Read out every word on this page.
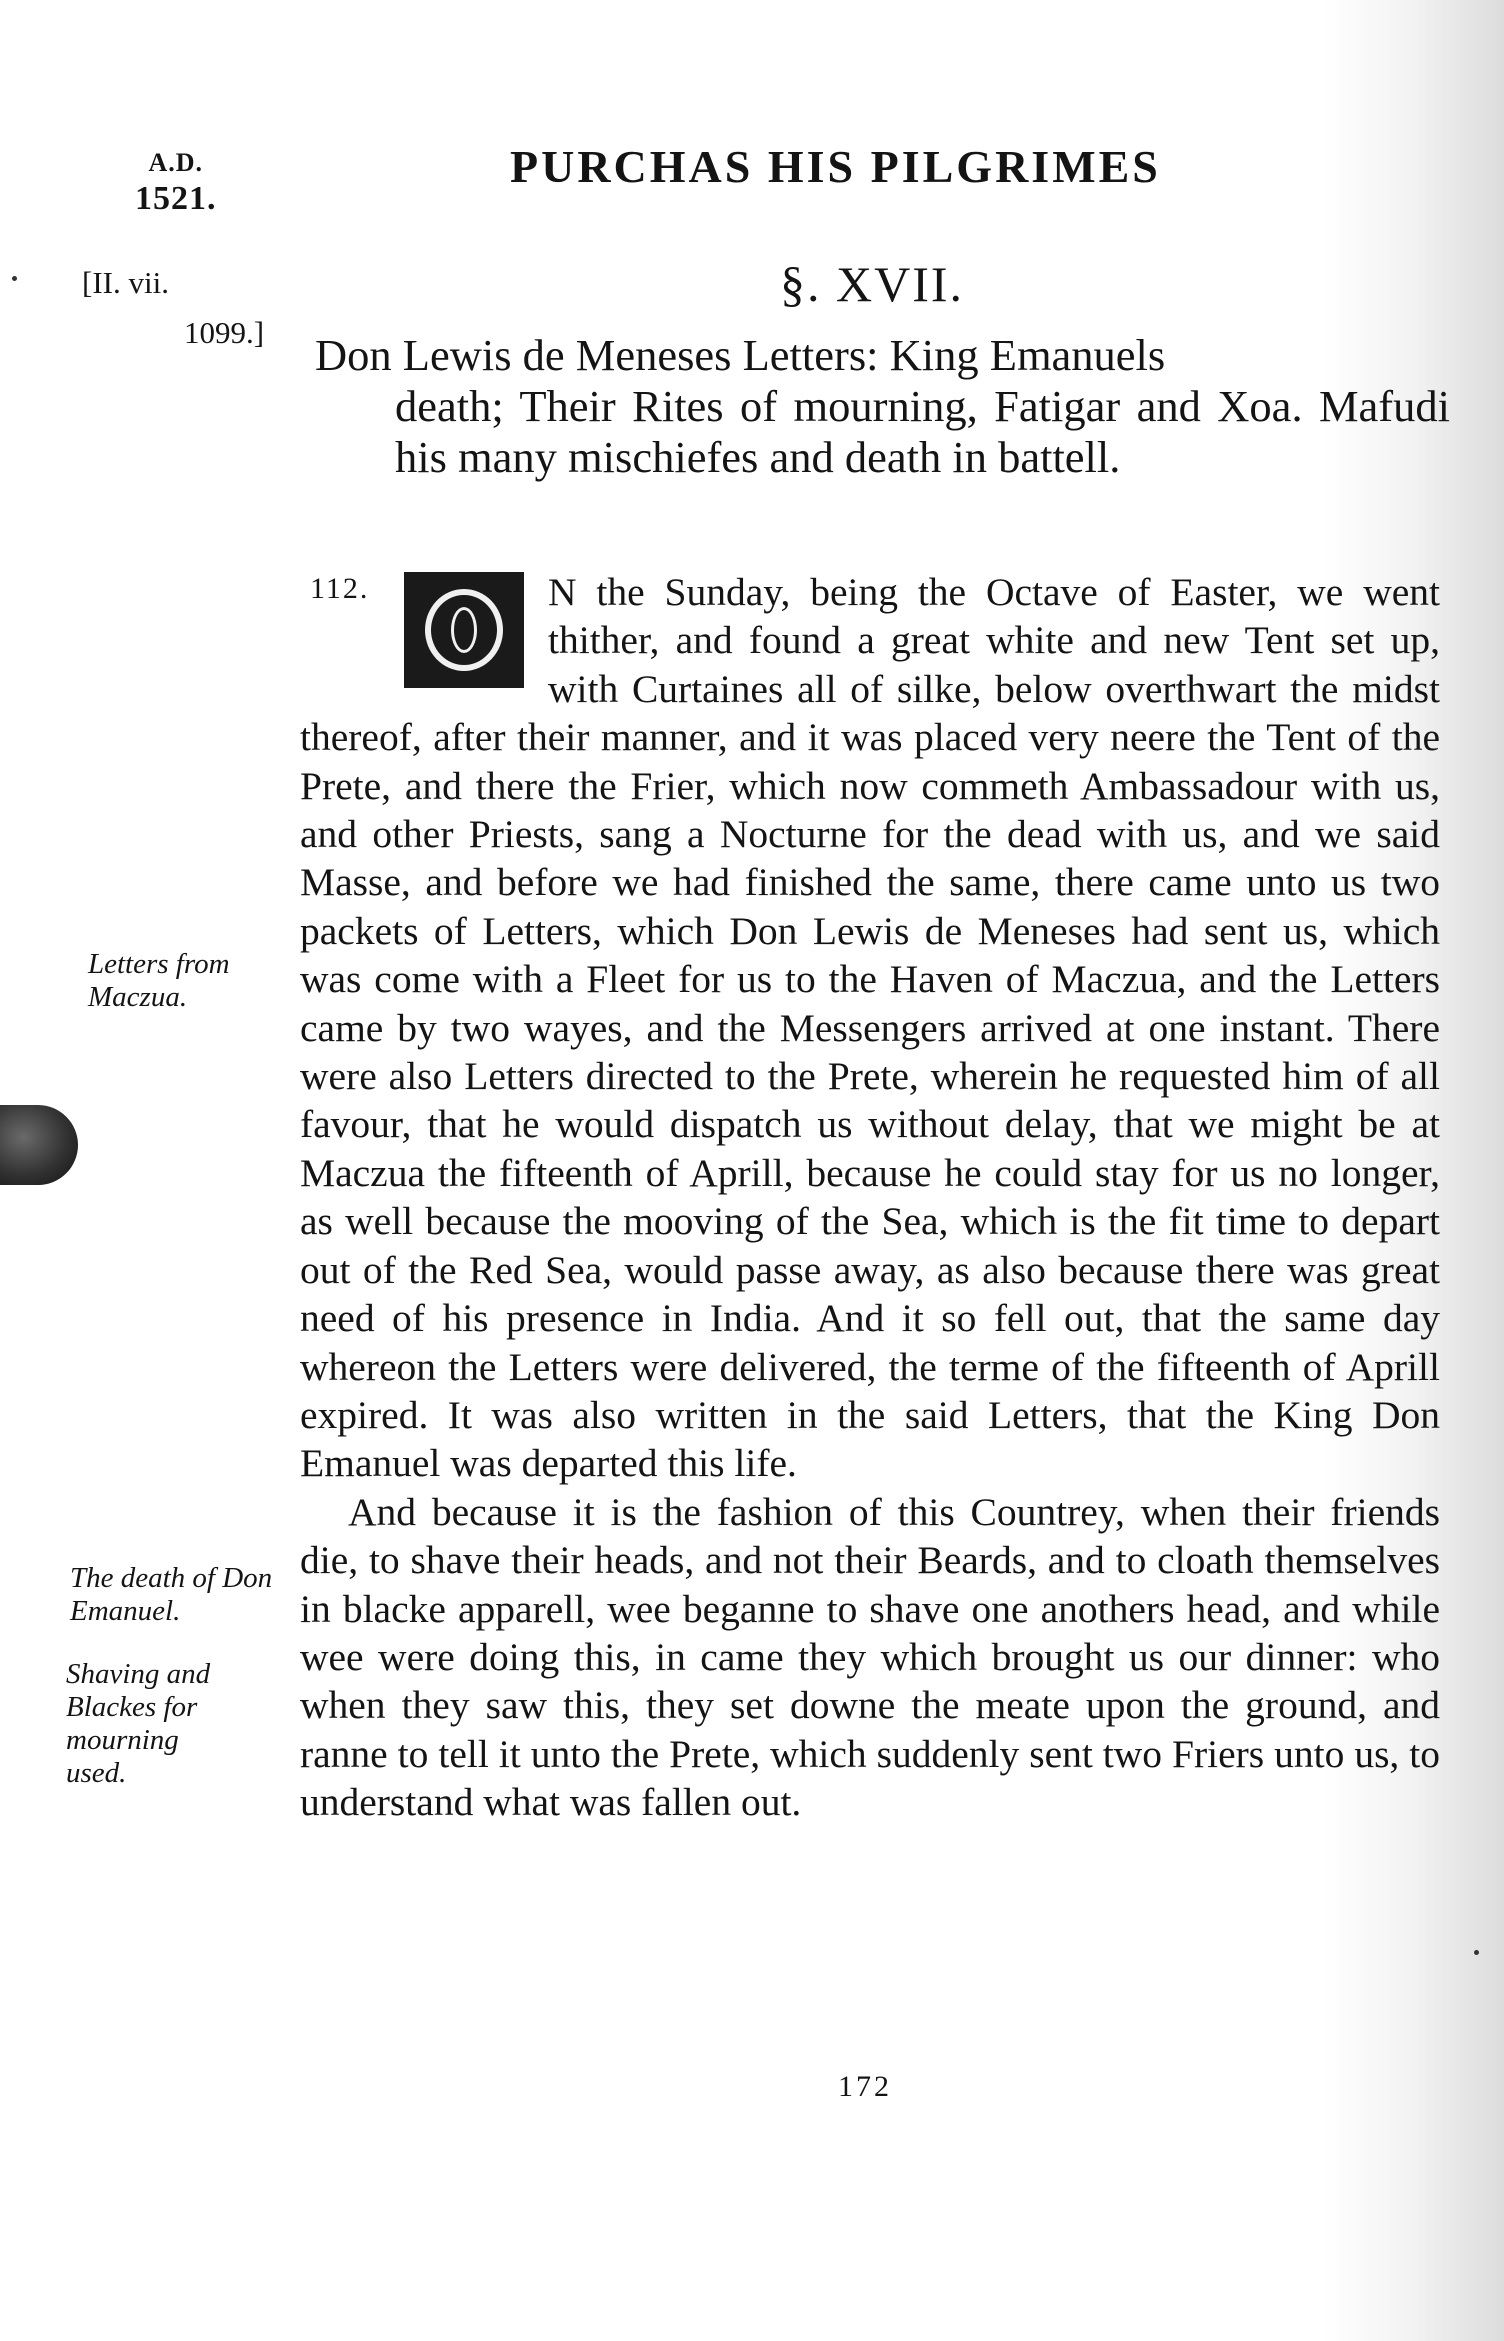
A.D.
1521.
PURCHAS HIS PILGRIMES
[II. vii.
1099.]
§. XVII.
Don Lewis de Meneses Letters: King Emanuels
death; Their Rites of mourning, Fatigar and Xoa. Mafudi his many mischiefes and death in battell.
112.	N the Sunday, being the Octave of Easter, we went thither, and found a great white and new Tent set up, with Curtaines all of silke, below overthwart the midst thereof, after their manner, and it was placed very neere the Tent of the Prete, and there the Frier, which now commeth Ambassadour with us, and other Priests, sang a Nocturne for the dead with us, and we said Masse, and before we had finished the same, there came unto us two packets of Letters, which Don Lewis de Meneses had sent us, which was come with a Fleet for us to the Haven of Maczua, and the Letters came by two wayes, and the Messengers arrived at one instant. There were also Letters directed to the Prete, wherein he requested him of all favour, that he would dispatch us without delay, that we might be at Maczua the fifteenth of Aprill, because he could stay for us no longer, as well because the mooving of the Sea, which is the fit time to depart out of the Red Sea, would passe away, as also because there was great need of his presence in India. And it so fell out, that the same day whereon the Letters were delivered, the terme of the fifteenth of Aprill expired. It was also written in the said Letters, that the King Don Emanuel was departed this life.

And because it is the fashion of this Countrey, when their friends die, to shave their heads, and not their Beards, and to cloath themselves in blacke apparell, wee beganne to shave one anothers head, and while wee were doing this, in came they which brought us our dinner: who when they saw this, they set downe the meate upon the ground, and ranne to tell it unto the Prete, which suddenly sent two Friers unto us, to understand what was fallen out.

Letters from Maczua.
The death of Don Emanuel.
Shaving and Blackes for mourning used.
172
